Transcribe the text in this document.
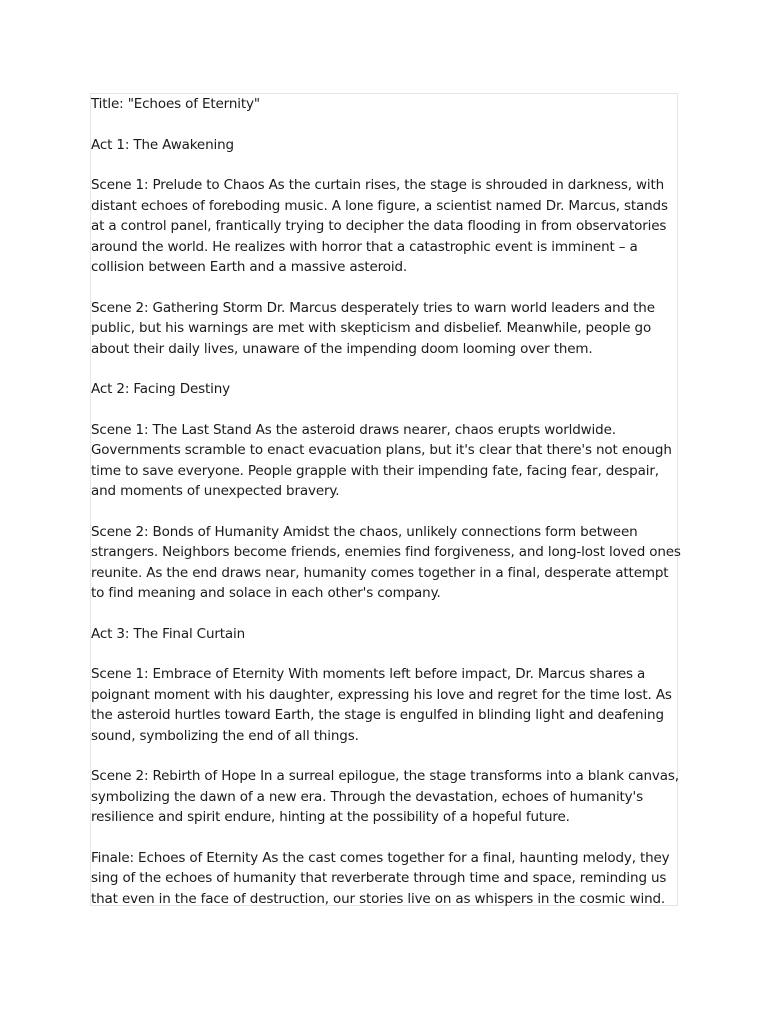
Title: "Echoes of Eternity"

Act 1: The Awakening

Scene 1: Prelude to Chaos As the curtain rises, the stage is shrouded in darkness, with distant echoes of foreboding music. A lone figure, a scientist named Dr. Marcus, stands at a control panel, frantically trying to decipher the data flooding in from observatories around the world. He realizes with horror that a catastrophic event is imminent – a collision between Earth and a massive asteroid.

Scene 2: Gathering Storm Dr. Marcus desperately tries to warn world leaders and the public, but his warnings are met with skepticism and disbelief. Meanwhile, people go about their daily lives, unaware of the impending doom looming over them.

Act 2: Facing Destiny

Scene 1: The Last Stand As the asteroid draws nearer, chaos erupts worldwide. Governments scramble to enact evacuation plans, but it's clear that there's not enough time to save everyone. People grapple with their impending fate, facing fear, despair, and moments of unexpected bravery.

Scene 2: Bonds of Humanity Amidst the chaos, unlikely connections form between strangers. Neighbors become friends, enemies find forgiveness, and long-lost loved ones reunite. As the end draws near, humanity comes together in a final, desperate attempt to find meaning and solace in each other's company.

Act 3: The Final Curtain

Scene 1: Embrace of Eternity With moments left before impact, Dr. Marcus shares a poignant moment with his daughter, expressing his love and regret for the time lost. As the asteroid hurtles toward Earth, the stage is engulfed in blinding light and deafening sound, symbolizing the end of all things.

Scene 2: Rebirth of Hope In a surreal epilogue, the stage transforms into a blank canvas, symbolizing the dawn of a new era. Through the devastation, echoes of humanity's resilience and spirit endure, hinting at the possibility of a hopeful future.

Finale: Echoes of Eternity As the cast comes together for a final, haunting melody, they sing of the echoes of humanity that reverberate through time and space, reminding us that even in the face of destruction, our stories live on as whispers in the cosmic wind.
